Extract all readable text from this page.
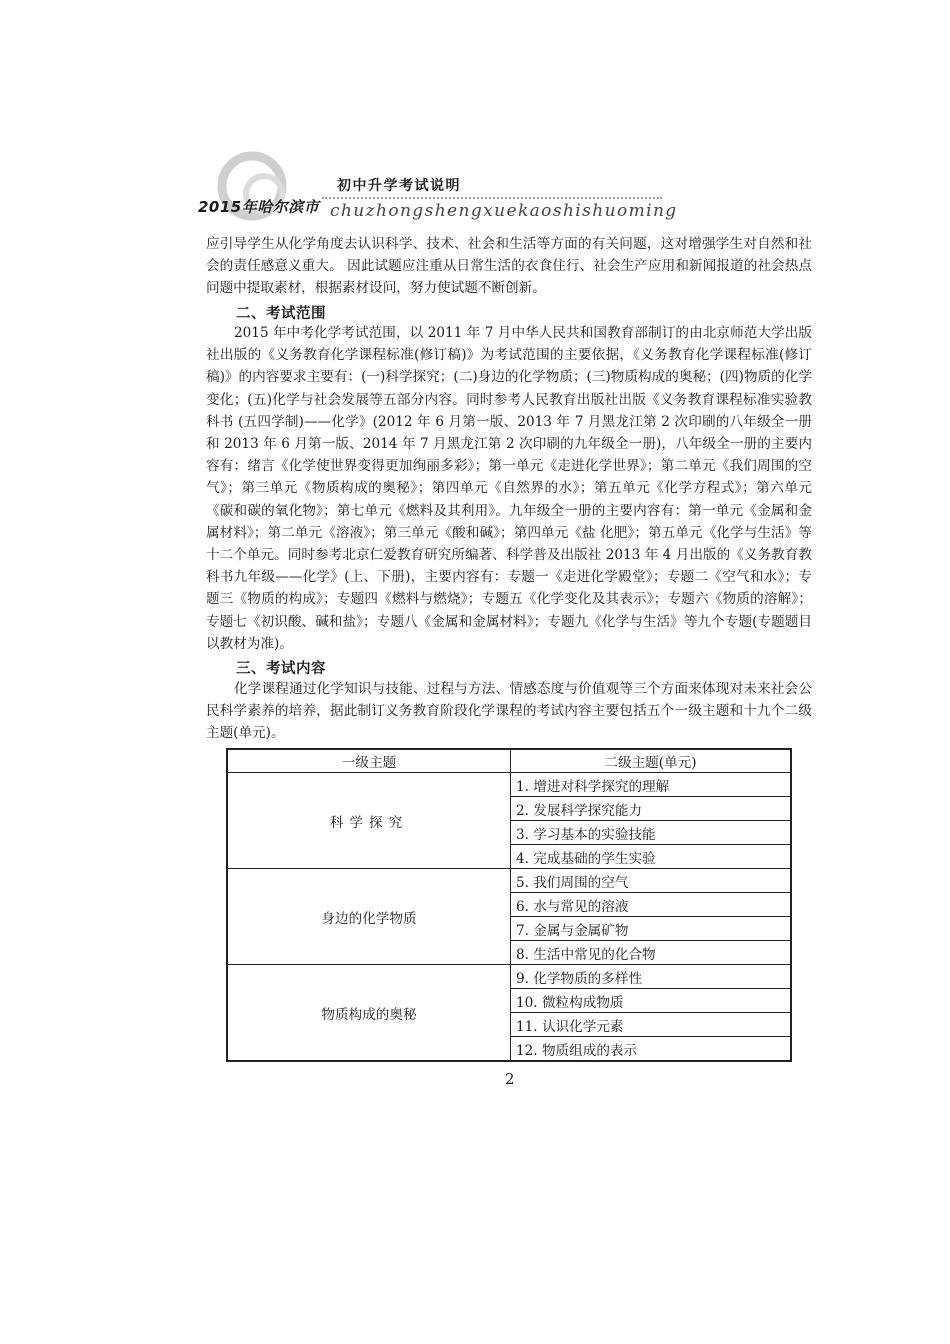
2015年哈尔滨市
初中升学考试说明
chuzhongshengxuekaoshishuoming

应引导学生从化学角度去认识科学、技术、社会和生活等方面的有关问题，这对增强学生对自然和社会的责任感意义重大。 因此试题应注重从日常生活的衣食住行、社会生产应用和新闻报道的社会热点问题中提取素材，根据素材设问，努力使试题不断创新。

二、考试范围

2015 年中考化学考试范围，以 2011 年 7 月中华人民共和国教育部制订的由北京师范大学出版社出版的《义务教育化学课程标准(修订稿)》为考试范围的主要依据，《义务教育化学课程标准(修订稿)》的内容要求主要有：(一)科学探究；(二)身边的化学物质；(三)物质构成的奥秘；(四)物质的化学变化；(五)化学与社会发展等五部分内容。同时参考人民教育出版社出版《义务教育课程标准实验教科书 (五四学制)——化学》(2012 年 6 月第一版、2013 年 7 月黑龙江第 2 次印刷的八年级全一册和 2013 年 6 月第一版、2014 年 7 月黑龙江第 2 次印刷的九年级全一册)，八年级全一册的主要内容有：绪言《化学使世界变得更加绚丽多彩》；第一单元《走进化学世界》；第二单元《我们周围的空气》；第三单元《物质构成的奥秘》；第四单元《自然界的水》；第五单元《化学方程式》；第六单元《碳和碳的氧化物》；第七单元《燃料及其利用》。九年级全一册的主要内容有：第一单元《金属和金属材料》；第二单元《溶液》；第三单元《酸和碱》；第四单元《盐 化肥》；第五单元《化学与生活》等十二个单元。同时参考北京仁爱教育研究所编著、科学普及出版社 2013 年 4 月出版的《义务教育教科书九年级——化学》(上、下册)，主要内容有：专题一《走进化学殿堂》；专题二《空气和水》；专题三《物质的构成》；专题四《燃料与燃烧》；专题五《化学变化及其表示》；专题六《物质的溶解》；专题七《初识酸、碱和盐》；专题八《金属和金属材料》；专题九《化学与生活》等九个专题(专题题目以教材为准)。

三、考试内容

化学课程通过化学知识与技能、过程与方法、情感态度与价值观等三个方面来体现对未来社会公民科学素养的培养，据此制订义务教育阶段化学课程的考试内容主要包括五个一级主题和十九个二级主题(单元)。

一级主题	二级主题(单元)
科学探究	1. 增进对科学探究的理解
	2. 发展科学探究能力
	3. 学习基本的实验技能
	4. 完成基础的学生实验
身边的化学物质	5. 我们周围的空气
	6. 水与常见的溶液
	7. 金属与金属矿物
	8. 生活中常见的化合物
物质构成的奥秘	9. 化学物质的多样性
	10. 微粒构成物质
	11. 认识化学元素
	12. 物质组成的表示
2
